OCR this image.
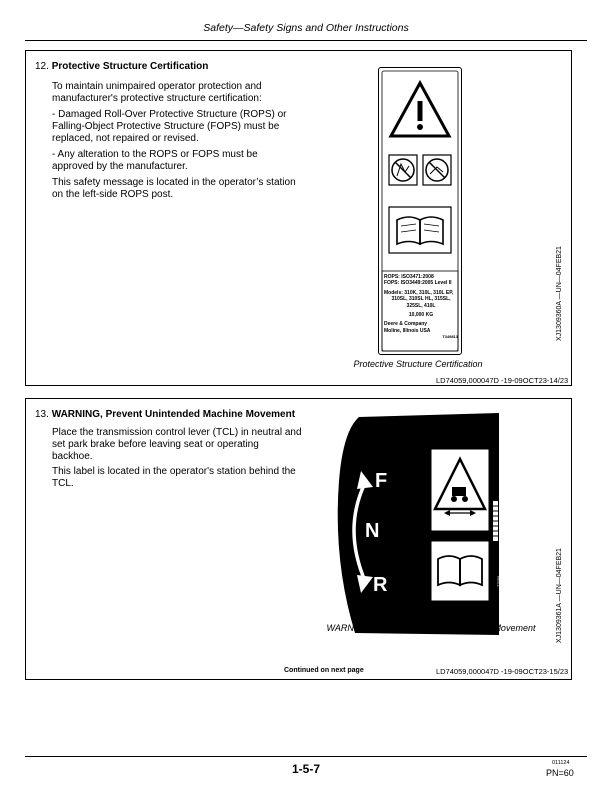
Safety—Safety Signs and Other Instructions
12. Protective Structure Certification

To maintain unimpaired operator protection and manufacturer's protective structure certification:

- Damaged Roll-Over Protective Structure (ROPS) or Falling-Object Protective Structure (FOPS) must be replaced, not repaired or revised.

- Any alteration to the ROPS or FOPS must be approved by the manufacturer.

This safety message is located in the operator’s station on the left-side ROPS post.

ROPS: ISO3471:2008
FOPS: ISO3449:2005 Level II
Models: 310K, 310L, 310L EP,
310SL, 310SL HL, 315SL,
325SL, 410L
10,000 KG
Deere & Company
Moline, Illinois USA
T349813
Protective Structure Certification
XJ1309360A —UN—04FEB21
LD74059,000047D -19-09OCT23-14/23
13. WARNING, Prevent Unintended Machine Movement

Place the transmission control lever (TCL) in neutral and set park brake before leaving seat or operating backhoe.

This label is located in the operator's station behind the TCL.	F
N
R	T3755
WARNING, Prevent Unintended Machine Movement	XJ1309361A —UN—04FEB21
Continued on next page	LD74059,000047D -19-09OCT23-15/23
1-5-7	011124
PN=60
